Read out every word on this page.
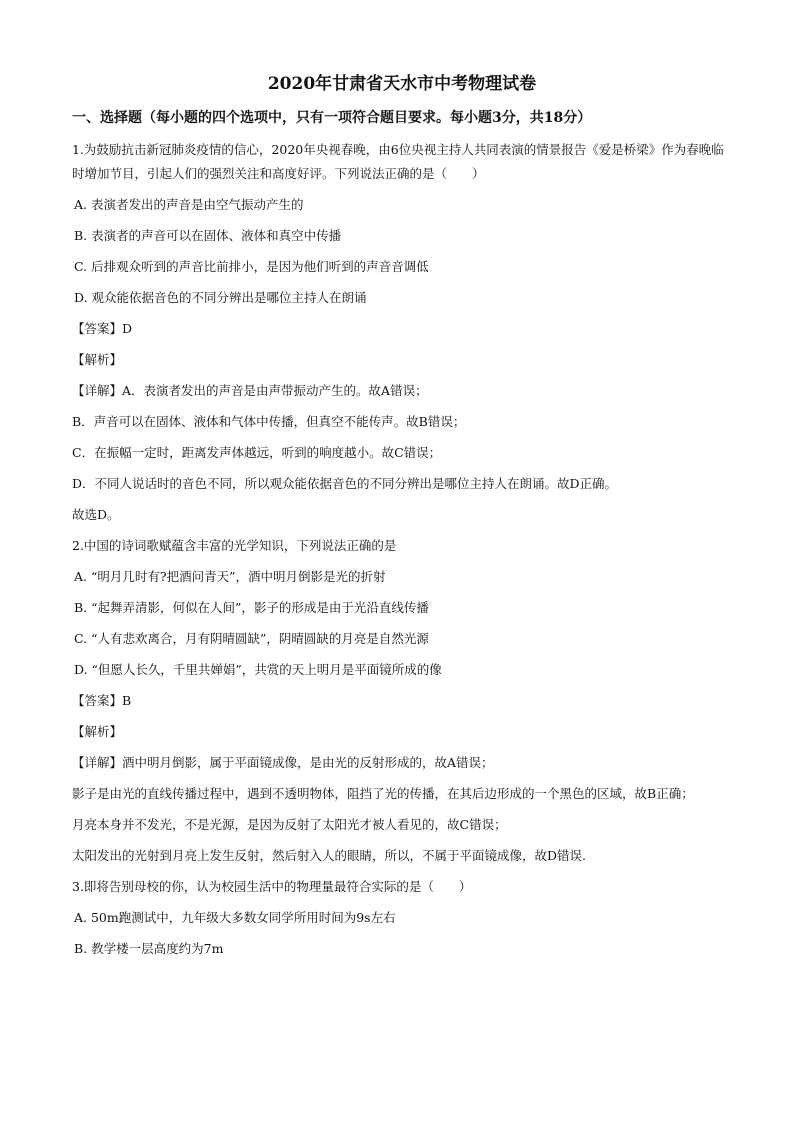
2020年甘肃省天水市中考物理试卷
一、选择题（每小题的四个选项中，只有一项符合题目要求。每小题3分，共18分）
1.为鼓励抗击新冠肺炎疫情的信心，2020年央视春晚，由6位央视主持人共同表演的情景报告《爱是桥梁》作为春晚临时增加节目，引起人们的强烈关注和高度好评。下列说法正确的是（　　）
A. 表演者发出的声音是由空气振动产生的
B. 表演者的声音可以在固体、液体和真空中传播
C. 后排观众听到的声音比前排小，是因为他们听到的声音音调低
D. 观众能依据音色的不同分辨出是哪位主持人在朗诵
【答案】D
【解析】
【详解】A．表演者发出的声音是由声带振动产生的。故A错误；
B．声音可以在固体、液体和气体中传播，但真空不能传声。故B错误；
C．在振幅一定时，距离发声体越远，听到的响度越小。故C错误；
D．不同人说话时的音色不同，所以观众能依据音色的不同分辨出是哪位主持人在朗诵。故D正确。
故选D。
2.中国的诗词歌赋蕴含丰富的光学知识，下列说法正确的是
A. “明月几时有?把酒问青天”，酒中明月倒影是光的折射
B. “起舞弄清影，何似在人间”，影子的形成是由于光沿直线传播
C. “人有悲欢离合，月有阴晴圆缺”，阴晴圆缺的月亮是自然光源
D. “但愿人长久，千里共婵娟”，共赏的天上明月是平面镜所成的像
【答案】B
【解析】
【详解】酒中明月倒影，属于平面镜成像，是由光的反射形成的，故A错误；
影子是由光的直线传播过程中，遇到不透明物体，阻挡了光的传播，在其后边形成的一个黑色的区域，故B正确；
月亮本身并不发光，不是光源，是因为反射了太阳光才被人看见的，故C错误；
太阳发出的光射到月亮上发生反射，然后射入人的眼睛，所以，不属于平面镜成像，故D错误.
3.即将告别母校的你，认为校园生活中的物理量最符合实际的是（　　）
A. 50m跑测试中，九年级大多数女同学所用时间为9s左右
B. 教学楼一层高度约为7m
